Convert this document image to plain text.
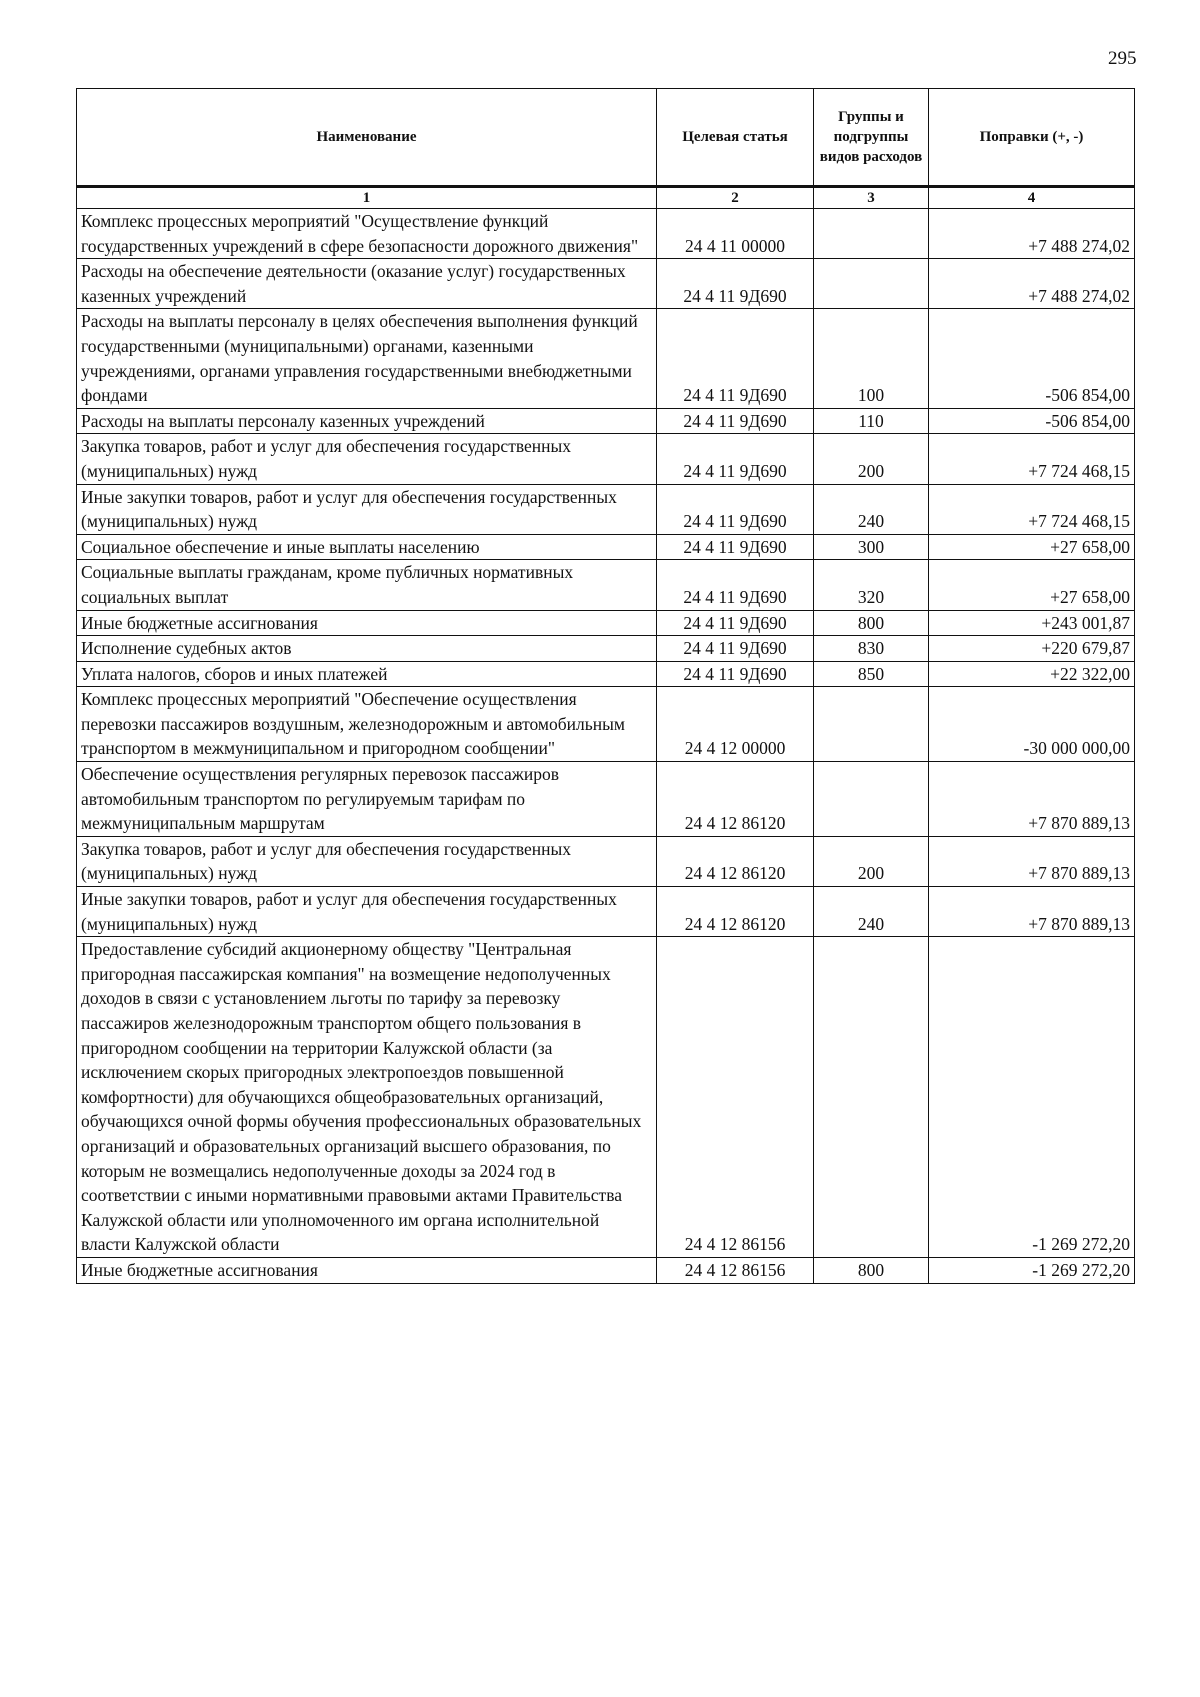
295
Наименование	Целевая статья	Группы и подгруппы видов расходов	Поправки (+, -)
1	2	3	4
Комплекс процессных мероприятий "Осуществление функций государственных учреждений в сфере безопасности дорожного движения"	24 4 11 00000		+7 488 274,02
Расходы на обеспечение деятельности (оказание услуг) государственных казенных учреждений	24 4 11 9Д690		+7 488 274,02
Расходы на выплаты персоналу в целях обеспечения выполнения функций государственными (муниципальными) органами, казенными учреждениями, органами управления государственными внебюджетными фондами	24 4 11 9Д690	100	-506 854,00
Расходы на выплаты персоналу казенных учреждений	24 4 11 9Д690	110	-506 854,00
Закупка товаров, работ и услуг для обеспечения государственных (муниципальных) нужд	24 4 11 9Д690	200	+7 724 468,15
Иные закупки товаров, работ и услуг для обеспечения государственных (муниципальных) нужд	24 4 11 9Д690	240	+7 724 468,15
Социальное обеспечение и иные выплаты населению	24 4 11 9Д690	300	+27 658,00
Социальные выплаты гражданам, кроме публичных нормативных социальных выплат	24 4 11 9Д690	320	+27 658,00
Иные бюджетные ассигнования	24 4 11 9Д690	800	+243 001,87
Исполнение судебных актов	24 4 11 9Д690	830	+220 679,87
Уплата налогов, сборов и иных платежей	24 4 11 9Д690	850	+22 322,00
Комплекс процессных мероприятий "Обеспечение осуществления перевозки пассажиров воздушным, железнодорожным и автомобильным транспортом в межмуниципальном и пригородном сообщении"	24 4 12 00000		-30 000 000,00
Обеспечение осуществления регулярных перевозок пассажиров автомобильным транспортом по регулируемым тарифам по межмуниципальным маршрутам	24 4 12 86120		+7 870 889,13
Закупка товаров, работ и услуг для обеспечения государственных (муниципальных) нужд	24 4 12 86120	200	+7 870 889,13
Иные закупки товаров, работ и услуг для обеспечения государственных (муниципальных) нужд	24 4 12 86120	240	+7 870 889,13
Предоставление субсидий акционерному обществу "Центральная пригородная пассажирская компания" на возмещение недополученных доходов в связи с установлением льготы по тарифу за перевозку пассажиров железнодорожным транспортом общего пользования в пригородном сообщении на территории Калужской области (за исключением скорых пригородных электропоездов повышенной комфортности) для обучающихся общеобразовательных организаций, обучающихся очной формы обучения профессиональных образовательных организаций и образовательных организаций высшего образования, по которым не возмещались недополученные доходы за 2024 год в соответствии с иными нормативными правовыми актами Правительства Калужской области или уполномоченного им органа исполнительной власти Калужской области	24 4 12 86156		-1 269 272,20
Иные бюджетные ассигнования	24 4 12 86156	800	-1 269 272,20
